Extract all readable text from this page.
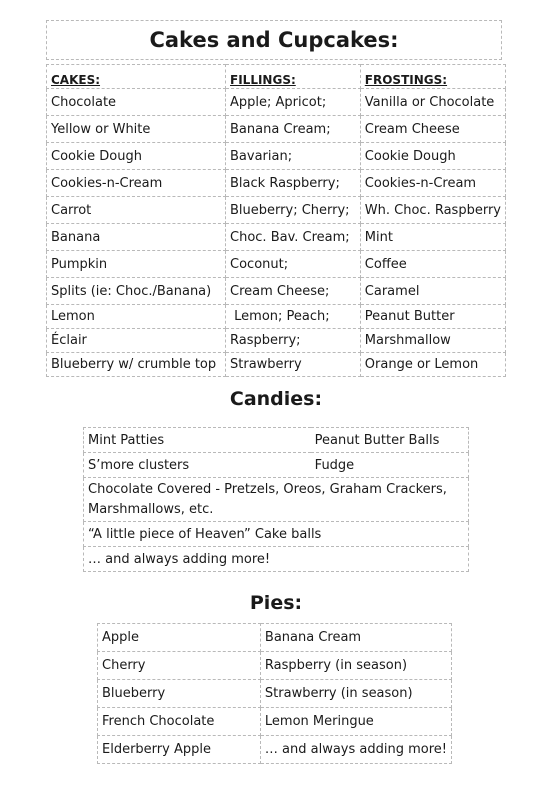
Cakes and Cupcakes:
CAKES:	FILLINGS:	FROSTINGS:
Chocolate	Apple; Apricot;	Vanilla or Chocolate
Yellow or White	Banana Cream;	Cream Cheese
Cookie Dough	Bavarian;	Cookie Dough
Cookies-n-Cream	Black Raspberry;	Cookies-n-Cream
Carrot	Blueberry; Cherry;	Wh. Choc. Raspberry
Banana	Choc. Bav. Cream;	Mint
Pumpkin	Coconut;	Coffee
Splits (ie: Choc./Banana)	Cream Cheese;	Caramel
Lemon	Lemon; Peach;	Peanut Butter
Éclair	Raspberry;	Marshmallow
Blueberry w/ crumble top	Strawberry	Orange or Lemon
Candies:
Mint Patties	Peanut Butter Balls
S’more clusters	Fudge
Chocolate Covered - Pretzels, Oreos, Graham Crackers, Marshmallows, etc.	
“A little piece of Heaven” Cake balls	
… and always adding more!	
Pies:
Apple	Banana Cream
Cherry	Raspberry (in season)
Blueberry	Strawberry (in season)
French Chocolate	Lemon Meringue
Elderberry Apple	… and always adding more!
